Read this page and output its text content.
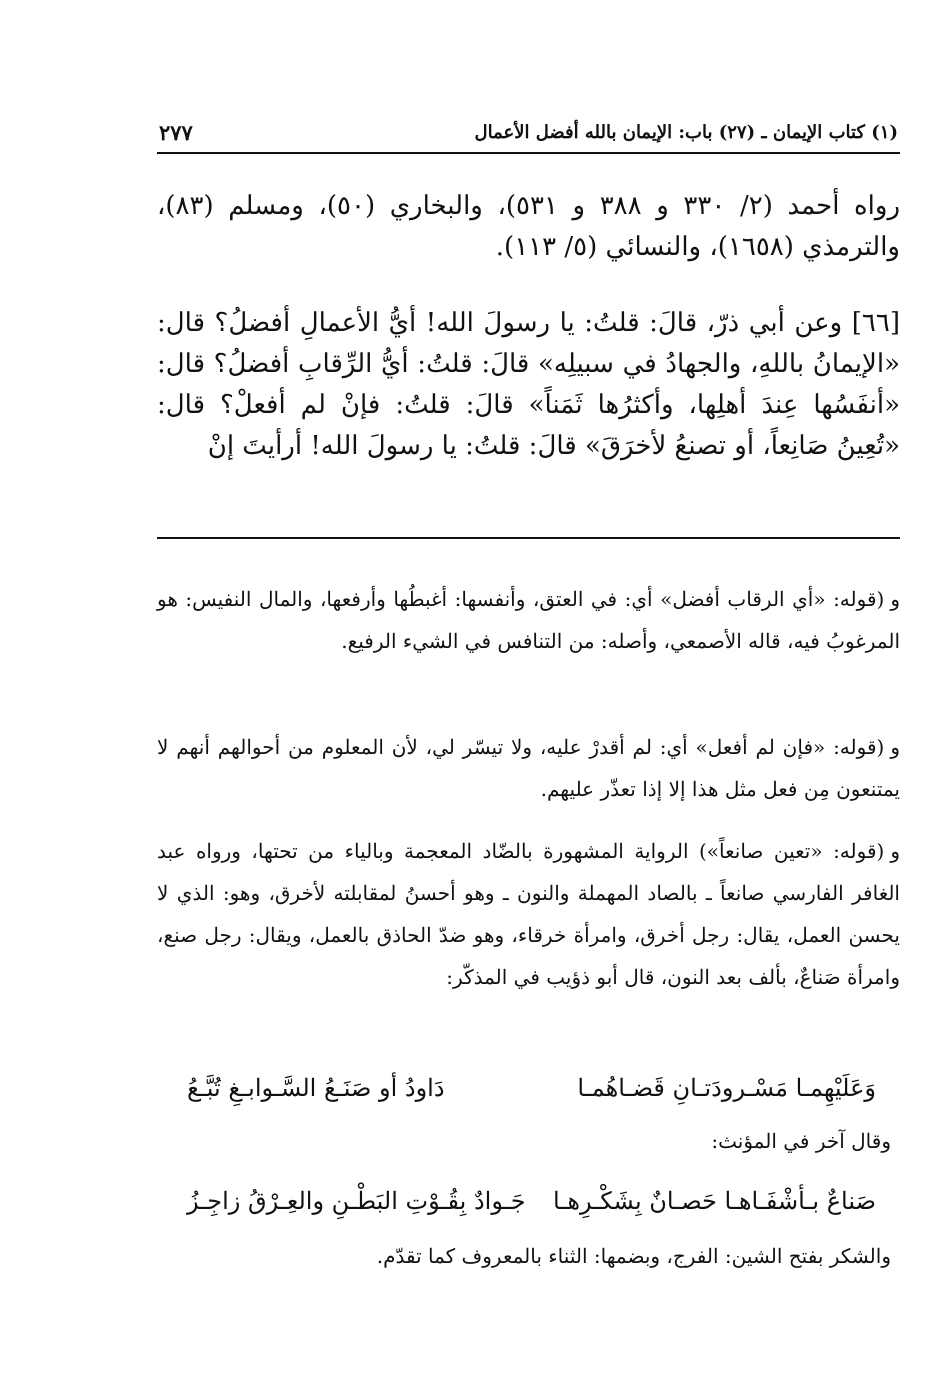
(١) كتاب الإيمان ـ (٢٧) باب: الإيمان بالله أفضل الأعمال
٢٧٧

رواه أحمد (٢/ ٣٣٠ و ٣٨٨ و ٥٣١)، والبخاري (٥٠)، ومسلم (٨٣)، والترمذي (١٦٥٨)، والنسائي (٥/ ١١٣).

[٦٦] وعن أبي ذرّ، قالَ: قلتُ: يا رسولَ الله! أيُّ الأعمالِ أفضلُ؟ قال: «الإيمانُ باللهِ، والجهادُ في سبيلِه» قالَ: قلتُ: أيُّ الرِّقابِ أفضلُ؟ قال: «أنفَسُها عِندَ أهلِها، وأكثرُها ثَمَناً» قالَ: قلتُ: فإنْ لم أفعلْ؟ قال: «تُعِينُ صَانِعاً، أو تصنعُ لأخرَقَ» قالَ: قلتُ: يا رسولَ الله! أرأيتَ إنْ

و(قوله: «أي الرقاب أفضل» أي: في العتق، وأنفسها: أغبطُها وأرفعها، والمال النفيس: هو المرغوبُ فيه، قاله الأصمعي، وأصله: من التنافس في الشيء الرفيع.

و(قوله: «فإن لم أفعل» أي: لم أقدرْ عليه، ولا تيسّر لي، لأن المعلوم من أحوالهم أنهم لا يمتنعون مِن فعل مثل هذا إلا إذا تعذّر عليهم.

و(قوله: «تعين صانعاً») الرواية المشهورة بالضّاد المعجمة وبالياء من تحتها، ورواه عبد الغافر الفارسي صانعاً ـ بالصاد المهملة والنون ـ وهو أحسنُ لمقابلته لأخرق، وهو: الذي لا يحسن العمل، يقال: رجل أخرق، وامرأة خرقاء، وهو ضدّ الحاذق بالعمل، ويقال: رجل صنع، وامرأة صَناعٌ، بألف بعد النون، قال أبو ذؤيب في المذكّر:

وَعَلَيْهِمـا مَسْـرودَتـانِ قَضـاهُمـا
دَاودُ أو صَنَـعُ السَّـوابـغِ تُبَّـعُ
وقال آخر في المؤنث:
صَناعٌ بـأشْفَـاهـا حَصـانٌ بِشَكْـرِهـا
جَـوادٌ بِقُـوْتِ البَطْـنِ والعِـرْقُ زاجِـزُ
والشكر بفتح الشين: الفرج، وبضمها: الثناء بالمعروف كما تقدّم.
